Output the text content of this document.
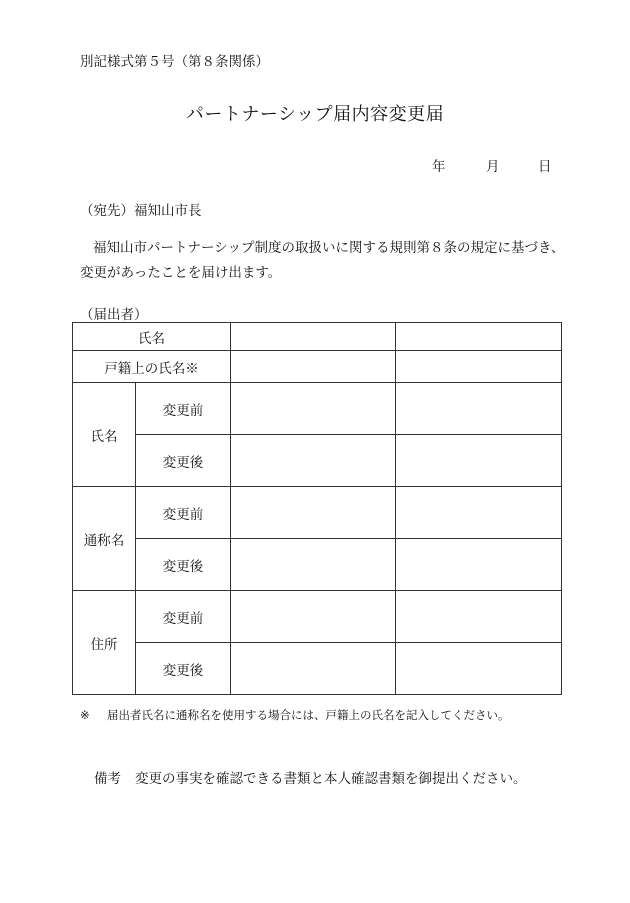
別記様式第５号（第８条関係）
パートナーシップ届内容変更届
年	月	日
（宛先）福知山市長
福知山市パートナーシップ制度の取扱いに関する規則第８条の規定に基づき、
変更があったことを届け出ます。
（届出者）
氏名			
戸籍上の氏名※			
氏名	変更前		
	変更後		
通称名	変更前		
	変更後		
住所	変更前		
	変更後		
※ 届出者氏名に通称名を使用する場合には、戸籍上の氏名を記入してください。
備考 変更の事実を確認できる書類と本人確認書類を御提出ください。
